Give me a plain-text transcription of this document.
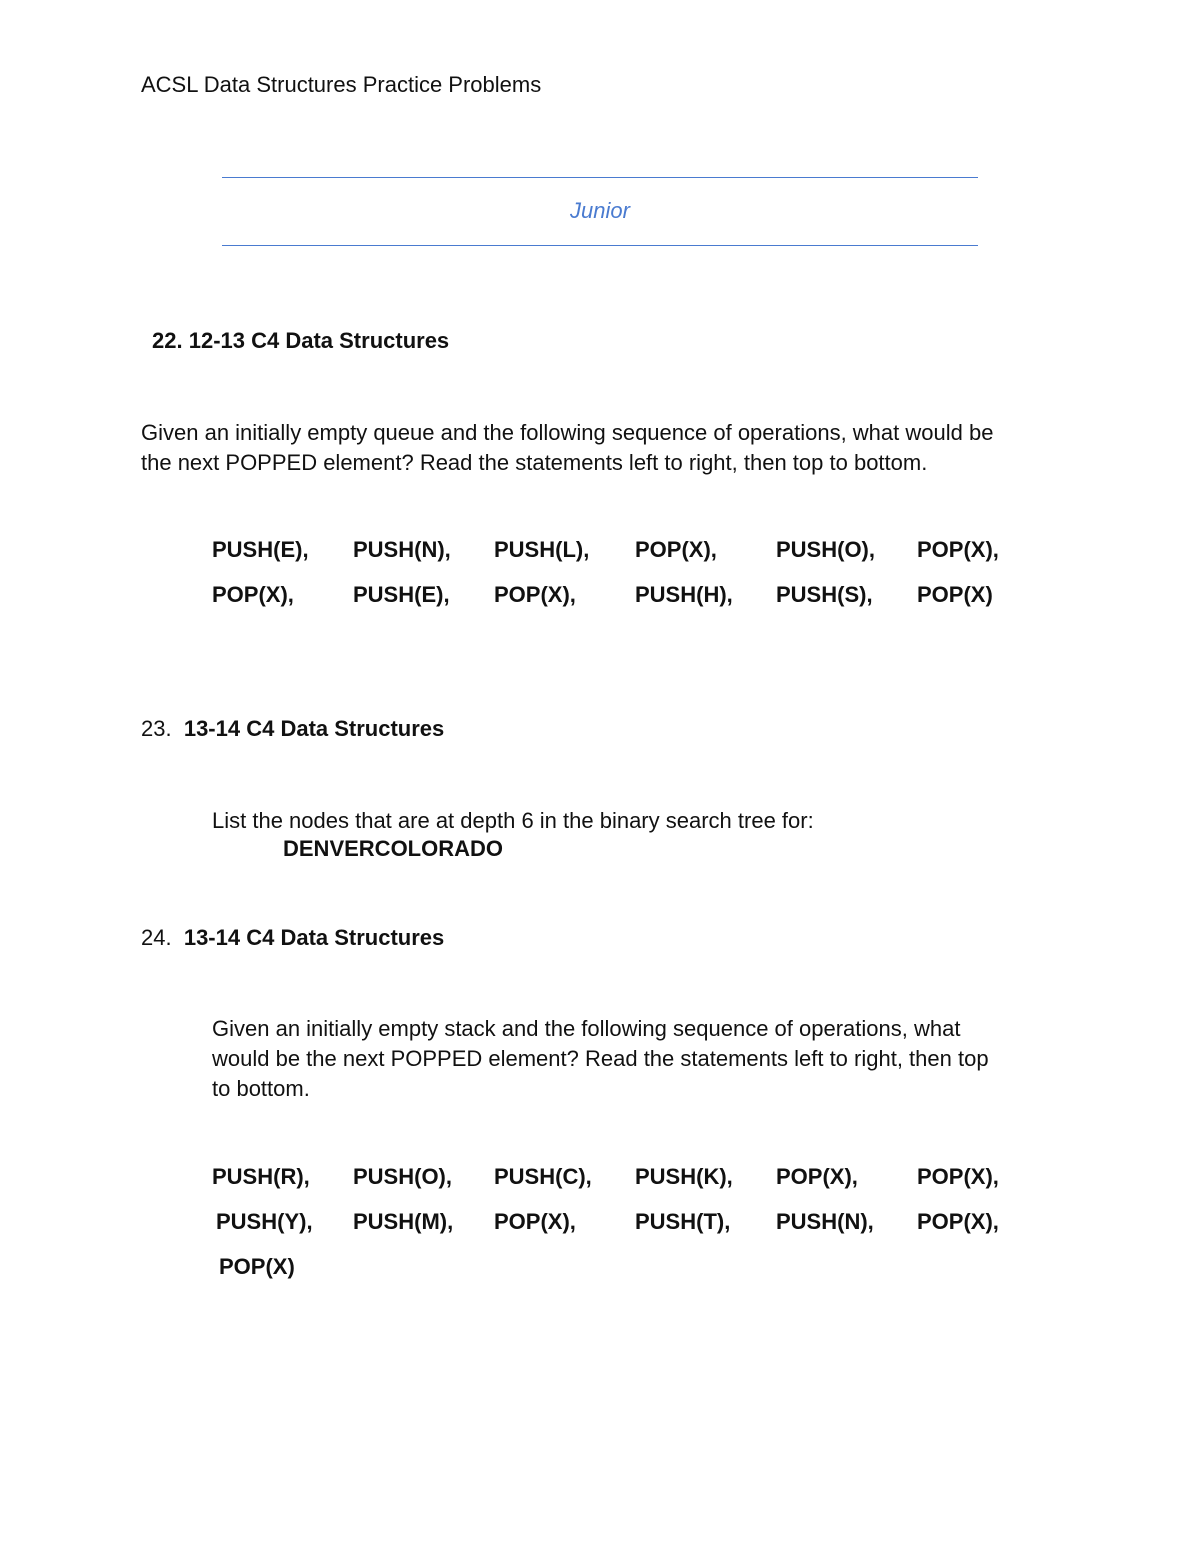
ACSL Data Structures Practice Problems
Junior
22. 12-13 C4 Data Structures
Given an initially empty queue and the following sequence of operations, what would be
the next POPPED element? Read the statements left to right, then top to bottom.
PUSH(E),	PUSH(N),	PUSH(L),	POP(X),	PUSH(O),	POP(X),
POP(X),	PUSH(E),	POP(X),	PUSH(H),	PUSH(S),	POP(X)
23. 13-14 C4 Data Structures
List the nodes that are at depth 6 in the binary search tree for:
DENVERCOLORADO
24. 13-14 C4 Data Structures
Given an initially empty stack and the following sequence of operations, what
would be the next POPPED element? Read the statements left to right, then top
to bottom.
PUSH(R),	PUSH(O),	PUSH(C),	PUSH(K),	POP(X),	POP(X),
PUSH(Y),	PUSH(M),	POP(X),	PUSH(T),	PUSH(N),	POP(X),
POP(X)
